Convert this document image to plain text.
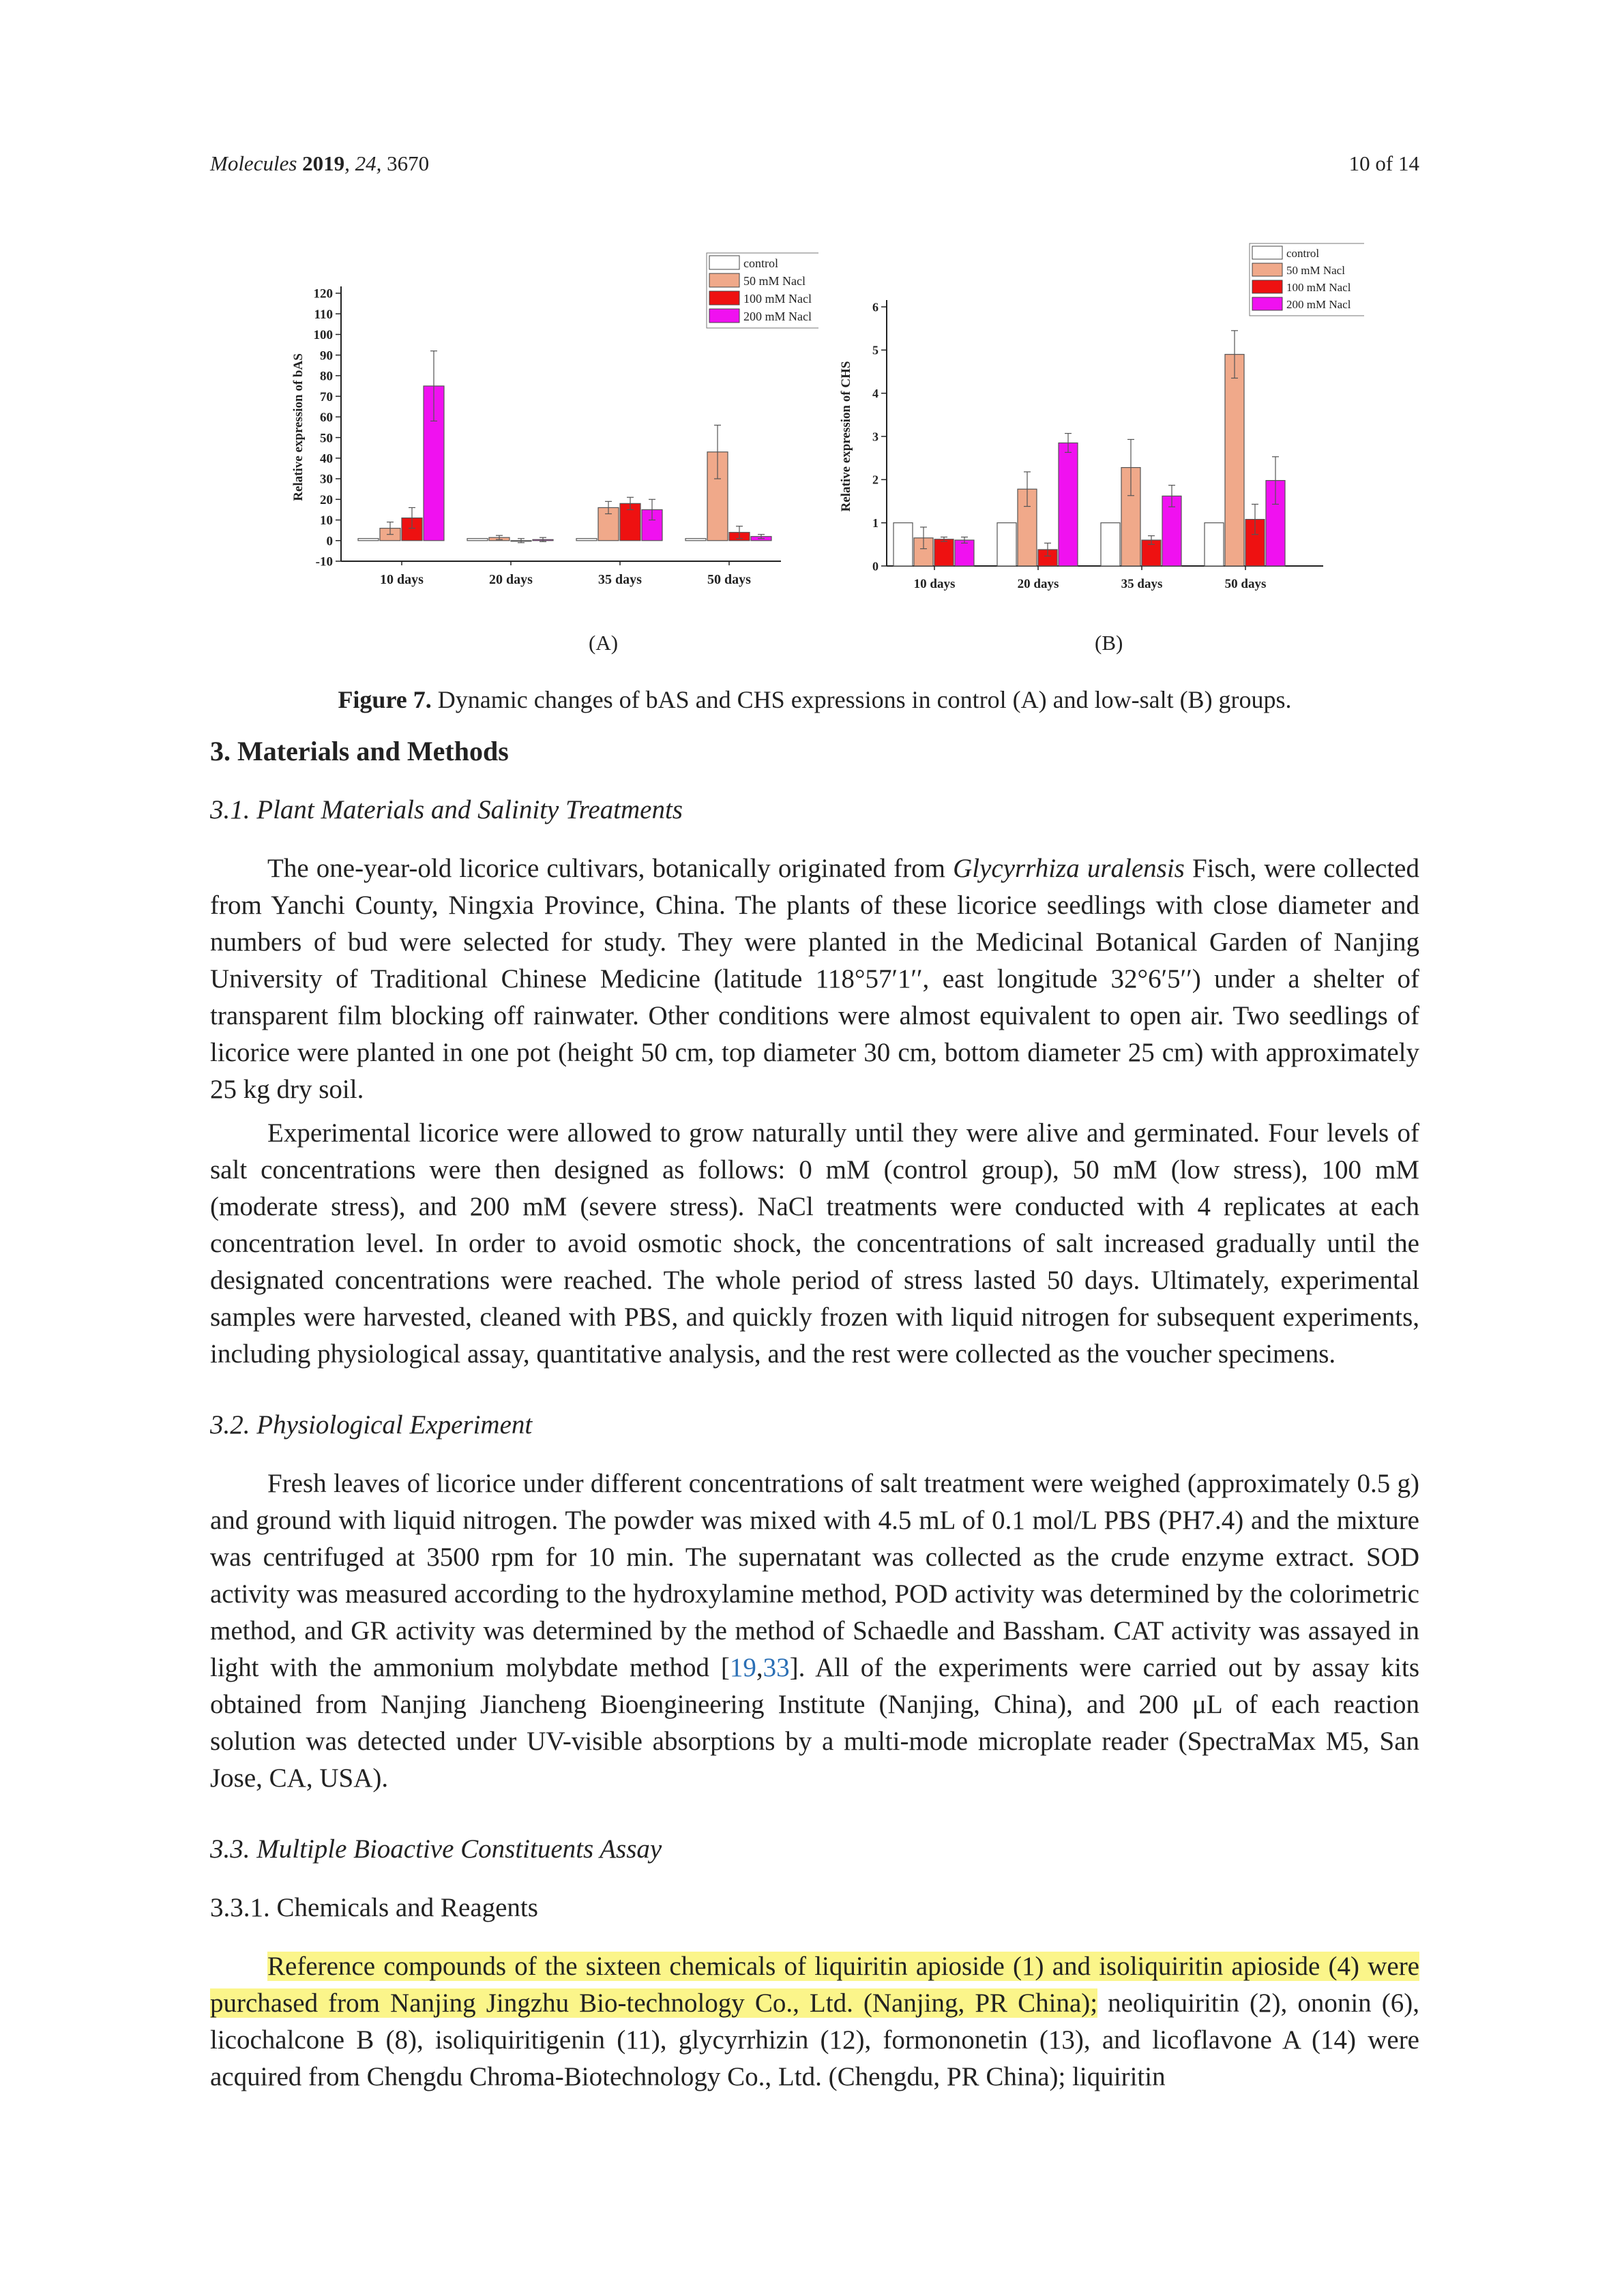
Molecules 2019, 24, 3670	10 of 14
-10
0
10
20
30
40
50
60
70
80
90
100
110
120
Relative expression of bAS
10 days	20 days	35 days	50 days
control
50 mM Nacl
100 mM Nacl
200 mM Nacl
0
1
2
3
4
5
6
Relative expression of CHS
10 days	20 days	35 days	50 days
control
50 mM Nacl
100 mM Nacl
200 mM Nacl
(A)	(B)
Figure 7. Dynamic changes of bAS and CHS expressions in control (A) and low-salt (B) groups.
3. Materials and Methods
3.1. Plant Materials and Salinity Treatments

The one-year-old licorice cultivars, botanically originated from Glycyrrhiza uralensis Fisch, were collected from Yanchi County, Ningxia Province, China. The plants of these licorice seedlings with close diameter and numbers of bud were selected for study. They were planted in the Medicinal Botanical Garden of Nanjing University of Traditional Chinese Medicine (latitude 118°57′1′′, east longitude 32°6′5′′) under a shelter of transparent film blocking off rainwater. Other conditions were almost equivalent to open air. Two seedlings of licorice were planted in one pot (height 50 cm, top diameter 30 cm, bottom diameter 25 cm) with approximately 25 kg dry soil.

Experimental licorice were allowed to grow naturally until they were alive and germinated. Four levels of salt concentrations were then designed as follows: 0 mM (control group), 50 mM (low stress), 100 mM (moderate stress), and 200 mM (severe stress). NaCl treatments were conducted with 4 replicates at each concentration level. In order to avoid osmotic shock, the concentrations of salt increased gradually until the designated concentrations were reached. The whole period of stress lasted 50 days. Ultimately, experimental samples were harvested, cleaned with PBS, and quickly frozen with liquid nitrogen for subsequent experiments, including physiological assay, quantitative analysis, and the rest were collected as the voucher specimens.

3.2. Physiological Experiment

Fresh leaves of licorice under different concentrations of salt treatment were weighed (approximately 0.5 g) and ground with liquid nitrogen. The powder was mixed with 4.5 mL of 0.1 mol/L PBS (PH7.4) and the mixture was centrifuged at 3500 rpm for 10 min. The supernatant was collected as the crude enzyme extract. SOD activity was measured according to the hydroxylamine method, POD activity was determined by the colorimetric method, and GR activity was determined by the method of Schaedle and Bassham. CAT activity was assayed in light with the ammonium molybdate method [19,33]. All of the experiments were carried out by assay kits obtained from Nanjing Jiancheng Bioengineering Institute (Nanjing, China), and 200 μL of each reaction solution was detected under UV-visible absorptions by a multi-mode microplate reader (SpectraMax M5, San Jose, CA, USA).

3.3. Multiple Bioactive Constituents Assay
3.3.1. Chemicals and Reagents

Reference compounds of the sixteen chemicals of liquiritin apioside (1) and isoliquiritin apioside (4) were purchased from Nanjing Jingzhu Bio-technology Co., Ltd. (Nanjing, PR China); neoliquiritin (2), ononin (6), licochalcone B (8), isoliquiritigenin (11), glycyrrhizin (12), formononetin (13), and licoflavone A (14) were acquired from Chengdu Chroma-Biotechnology Co., Ltd. (Chengdu, PR China); liquiritin
